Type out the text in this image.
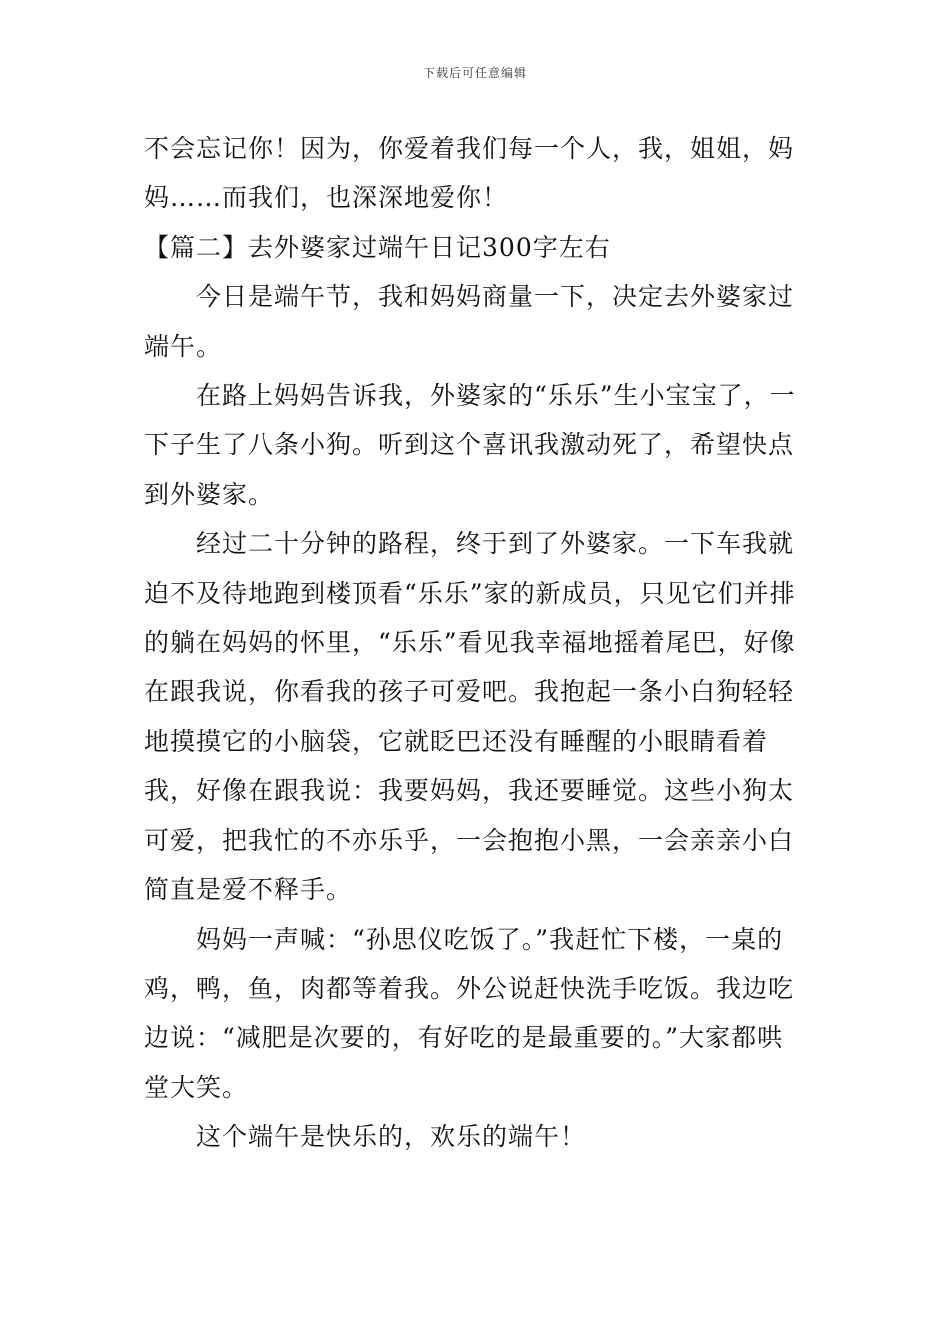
下载后可任意编辑

不会忘记你！因为，你爱着我们每一个人，我，姐姐，妈妈……而我们，也深深地爱你！

【篇二】去外婆家过端午日记300字左右

今日是端午节，我和妈妈商量一下，决定去外婆家过端午。

在路上妈妈告诉我，外婆家的“乐乐”生小宝宝了，一下子生了八条小狗。听到这个喜讯我激动死了，希望快点到外婆家。

经过二十分钟的路程，终于到了外婆家。一下车我就迫不及待地跑到楼顶看“乐乐”家的新成员，只见它们并排的躺在妈妈的怀里，“乐乐”看见我幸福地摇着尾巴，好像在跟我说，你看我的孩子可爱吧。我抱起一条小白狗轻轻地摸摸它的小脑袋，它就眨巴还没有睡醒的小眼睛看着我，好像在跟我说：我要妈妈，我还要睡觉。这些小狗太可爱，把我忙的不亦乐乎，一会抱抱小黑，一会亲亲小白简直是爱不释手。

妈妈一声喊：“孙思仪吃饭了。”我赶忙下楼，一桌的鸡，鸭，鱼，肉都等着我。外公说赶快洗手吃饭。我边吃边说：“减肥是次要的，有好吃的是最重要的。”大家都哄堂大笑。

这个端午是快乐的，欢乐的端午！
